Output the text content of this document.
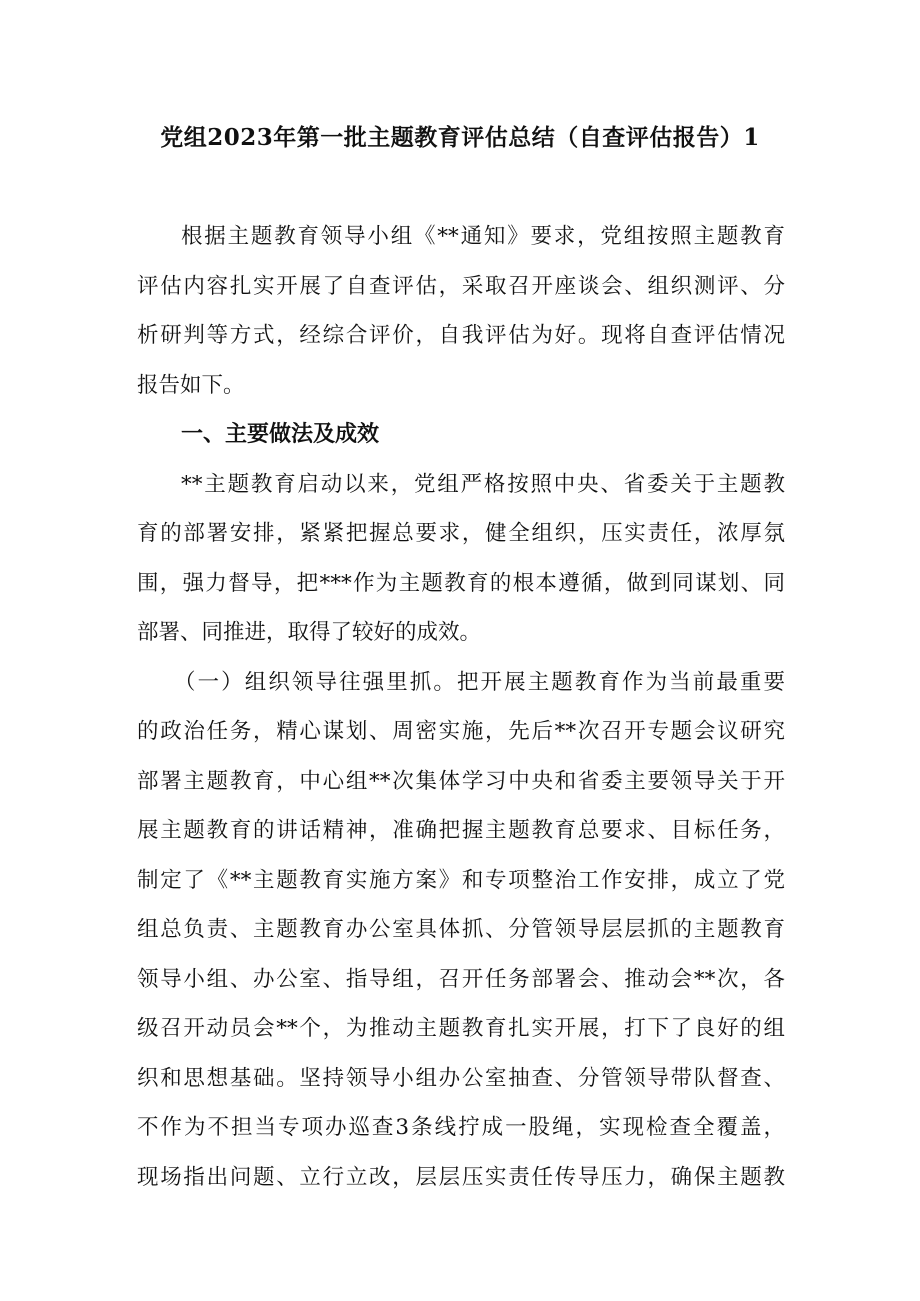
党组2023年第一批主题教育评估总结（自查评估报告）1
根据主题教育领导小组《**通知》要求，党组按照主题教育
评估内容扎实开展了自查评估，采取召开座谈会、组织测评、分
析研判等方式，经综合评价，自我评估为好。现将自查评估情况
报告如下。
一、主要做法及成效
**主题教育启动以来，党组严格按照中央、省委关于主题教
育的部署安排，紧紧把握总要求，健全组织，压实责任，浓厚氛
围，强力督导，把***作为主题教育的根本遵循，做到同谋划、同
部署、同推进，取得了较好的成效。
（一）组织领导往强里抓。把开展主题教育作为当前最重要
的政治任务，精心谋划、周密实施，先后**次召开专题会议研究
部署主题教育，中心组**次集体学习中央和省委主要领导关于开
展主题教育的讲话精神，准确把握主题教育总要求、目标任务，
制定了《**主题教育实施方案》和专项整治工作安排，成立了党
组总负责、主题教育办公室具体抓、分管领导层层抓的主题教育
领导小组、办公室、指导组，召开任务部署会、推动会**次，各
级召开动员会**个，为推动主题教育扎实开展，打下了良好的组
织和思想基础。坚持领导小组办公室抽查、分管领导带队督查、
不作为不担当专项办巡查3条线拧成一股绳，实现检查全覆盖，
现场指出问题、立行立改，层层压实责任传导压力，确保主题教
